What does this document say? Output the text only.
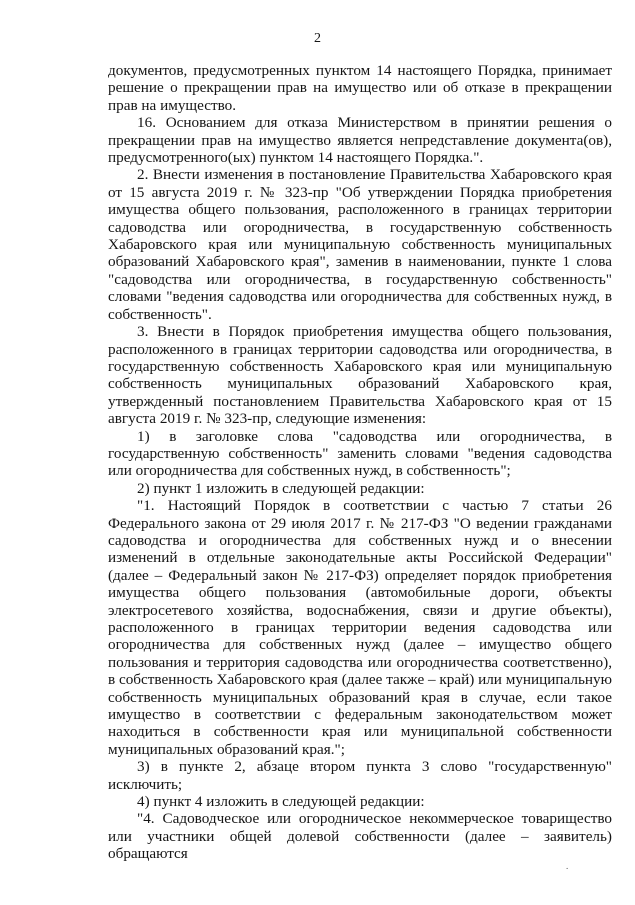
2

документов, предусмотренных пунктом 14 настоящего Порядка, принимает решение о прекращении прав на имущество или об отказе в прекращении прав на имущество.

16. Основанием для отказа Министерством в принятии решения о прекращении прав на имущество является непредставление документа(ов), предусмотренного(ых) пунктом 14 настоящего Порядка.".

2. Внести изменения в постановление Правительства Хабаровского края от 15 августа 2019 г. № 323-пр "Об утверждении Порядка приобретения имущества общего пользования, расположенного в границах территории садоводства или огородничества, в государственную собственность Хабаровского края или муниципальную собственность муниципальных образований Хабаровского края", заменив в наименовании, пункте 1 слова "садоводства или огородничества, в государственную собственность" словами "ведения садоводства или огородничества для собственных нужд, в собственность".

3. Внести в Порядок приобретения имущества общего пользования, расположенного в границах территории садоводства или огородничества, в государственную собственность Хабаровского края или муниципальную собственность муниципальных образований Хабаровского края, утвержденный постановлением Правительства Хабаровского края от 15 августа 2019 г. № 323-пр, следующие изменения:

1) в заголовке слова "садоводства или огородничества, в государственную собственность" заменить словами "ведения садоводства или огородничества для собственных нужд, в собственность";

2) пункт 1 изложить в следующей редакции:

"1. Настоящий Порядок в соответствии с частью 7 статьи 26 Федерального закона от 29 июля 2017 г. № 217-ФЗ "О ведении гражданами садоводства и огородничества для собственных нужд и о внесении изменений в отдельные законодательные акты Российской Федерации" (далее – Федеральный закон № 217-ФЗ) определяет порядок приобретения имущества общего пользования (автомобильные дороги, объекты электросетевого хозяйства, водоснабжения, связи и другие объекты), расположенного в границах территории ведения садоводства или огородничества для собственных нужд (далее – имущество общего пользования и территория садоводства или огородничества соответственно), в собственность Хабаровского края (далее также – край) или муниципальную собственность муниципальных образований края в случае, если такое имущество в соответствии с федеральным законодательством может находиться в собственности края или муниципальной собственности муниципальных образований края.";

3) в пункте 2, абзаце втором пункта 3 слово "государственную" исключить;

4) пункт 4 изложить в следующей редакции:

"4. Садоводческое или огородническое некоммерческое товарищество или участники общей долевой собственности (далее – заявитель) обращаются

.
